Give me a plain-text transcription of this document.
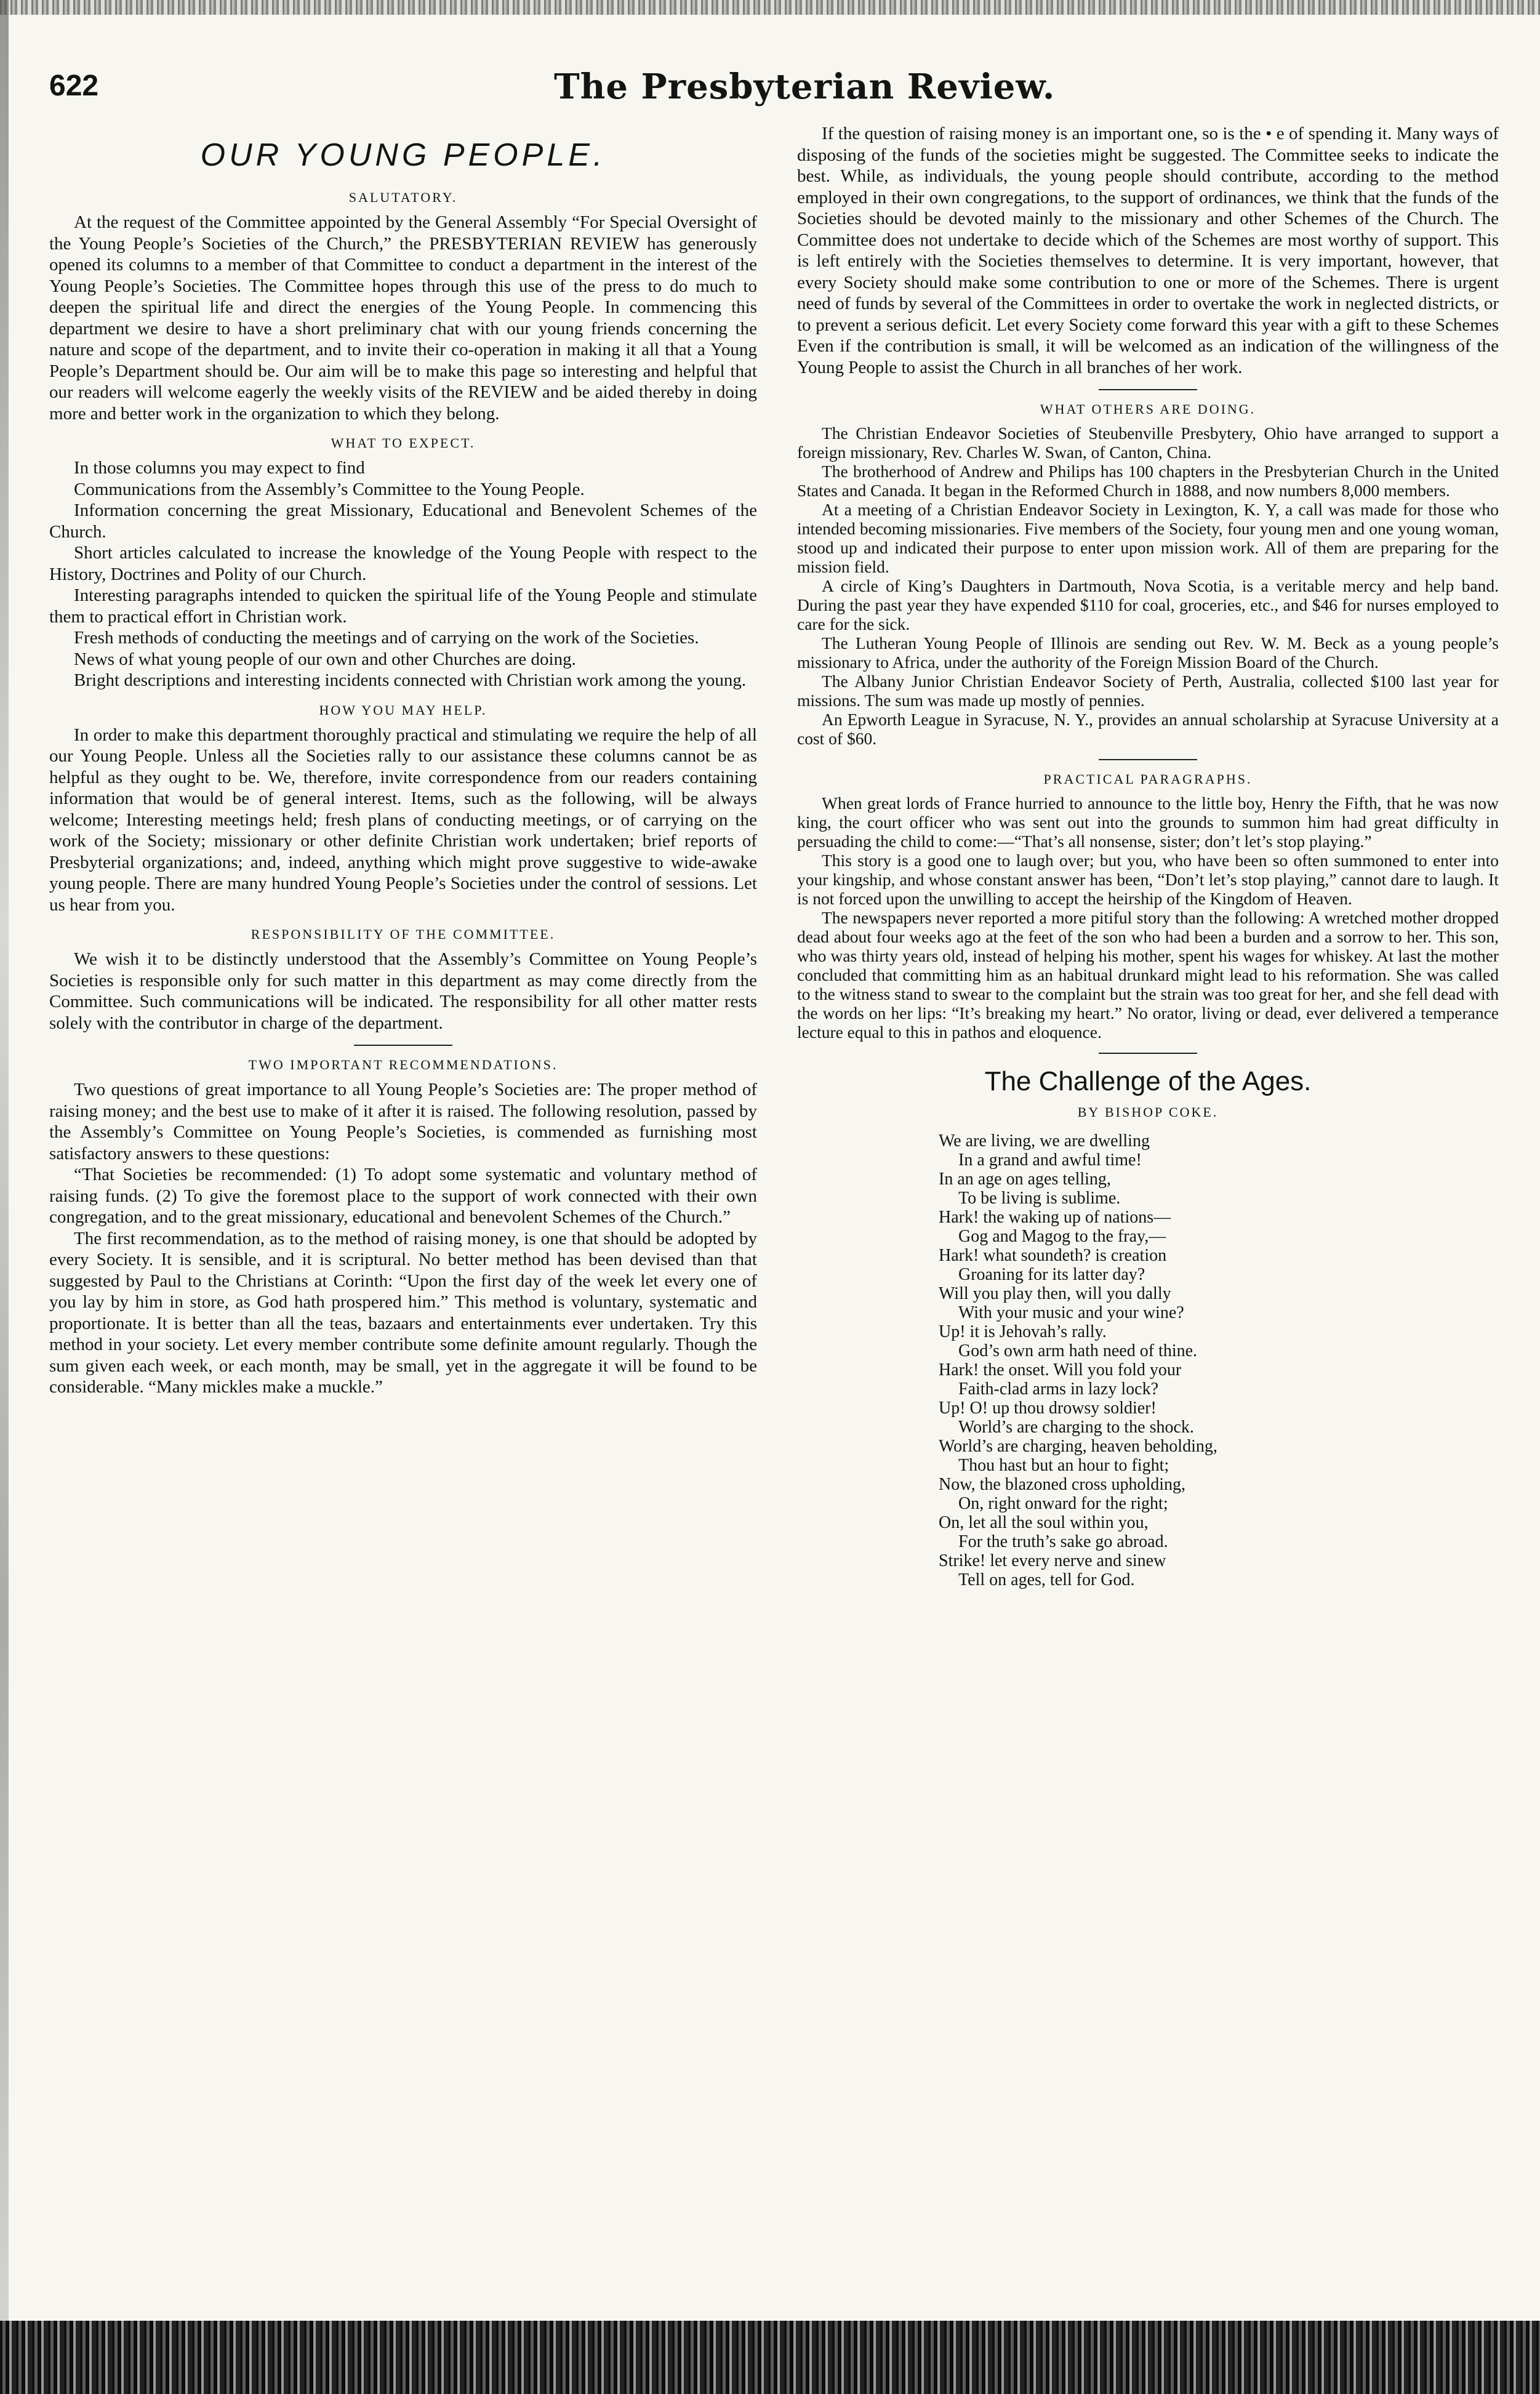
622	The Presbyterian Review.
OUR YOUNG PEOPLE.
SALUTATORY.

At the request of the Committee appointed by the General Assembly “For Special Oversight of the Young People’s Societies of the Church,” the PRESBYTERIAN REVIEW has generously opened its columns to a member of that Committee to conduct a department in the interest of the Young People’s Societies. The Committee hopes through this use of the press to do much to deepen the spiritual life and direct the energies of the Young People. In commencing this department we desire to have a short preliminary chat with our young friends concerning the nature and scope of the department, and to invite their co-operation in making it all that a Young People’s Department should be. Our aim will be to make this page so interesting and helpful that our readers will welcome eagerly the weekly visits of the REVIEW and be aided thereby in doing more and better work in the organization to which they belong.

WHAT TO EXPECT.

In those columns you may expect to find

Communications from the Assembly’s Committee to the Young People.

Information concerning the great Missionary, Educational and Benevolent Schemes of the Church.

Short articles calculated to increase the knowledge of the Young People with respect to the History, Doctrines and Polity of our Church.

Interesting paragraphs intended to quicken the spiritual life of the Young People and stimulate them to practical effort in Christian work.

Fresh methods of conducting the meetings and of carrying on the work of the Societies.

News of what young people of our own and other Churches are doing.

Bright descriptions and interesting incidents connected with Christian work among the young.

HOW YOU MAY HELP.

In order to make this department thoroughly practical and stimulating we require the help of all our Young People. Unless all the Societies rally to our assistance these columns cannot be as helpful as they ought to be. We, therefore, invite correspondence from our readers containing information that would be of general interest. Items, such as the following, will be always welcome; Interesting meetings held; fresh plans of conducting meetings, or of carrying on the work of the Society; missionary or other definite Christian work undertaken; brief reports of Presbyterial organizations; and, indeed, anything which might prove suggestive to wide-awake young people. There are many hundred Young People’s Societies under the control of sessions. Let us hear from you.

RESPONSIBILITY OF THE COMMITTEE.

We wish it to be distinctly understood that the Assembly’s Committee on Young People’s Societies is responsible only for such matter in this department as may come directly from the Committee. Such communications will be indicated. The responsibility for all other matter rests solely with the contributor in charge of the department.

TWO IMPORTANT RECOMMENDATIONS.

Two questions of great importance to all Young People’s Societies are: The proper method of raising money; and the best use to make of it after it is raised. The following resolution, passed by the Assembly’s Committee on Young People’s Societies, is commended as furnishing most satisfactory answers to these questions:

“That Societies be recommended: (1) To adopt some systematic and voluntary method of raising funds. (2) To give the foremost place to the support of work connected with their own congregation, and to the great missionary, educational and benevolent Schemes of the Church.”

The first recommendation, as to the method of raising money, is one that should be adopted by every Society. It is sensible, and it is scriptural. No better method has been devised than that suggested by Paul to the Christians at Corinth: “Upon the first day of the week let every one of you lay by him in store, as God hath prospered him.” This method is voluntary, systematic and proportionate. It is better than all the teas, bazaars and entertainments ever undertaken. Try this method in your society. Let every member contribute some definite amount regularly. Though the sum given each week, or each month, may be small, yet in the aggregate it will be found to be considerable. “Many mickles make a muckle.”

If the question of raising money is an important one, so is the • e of spending it. Many ways of disposing of the funds of the societies might be suggested. The Committee seeks to indicate the best. While, as individuals, the young people should contribute, according to the method employed in their own congregations, to the support of ordinances, we think that the funds of the Societies should be devoted mainly to the missionary and other Schemes of the Church. The Committee does not undertake to decide which of the Schemes are most worthy of support. This is left entirely with the Societies themselves to determine. It is very important, however, that every Society should make some contribution to one or more of the Schemes. There is urgent need of funds by several of the Committees in order to overtake the work in neglected districts, or to prevent a serious deficit. Let every Society come forward this year with a gift to these Schemes Even if the contribution is small, it will be welcomed as an indication of the willingness of the Young People to assist the Church in all branches of her work.

WHAT OTHERS ARE DOING.

The Christian Endeavor Societies of Steubenville Presbytery, Ohio have arranged to support a foreign missionary, Rev. Charles W. Swan, of Canton, China.

The brotherhood of Andrew and Philips has 100 chapters in the Presbyterian Church in the United States and Canada. It began in the Reformed Church in 1888, and now numbers 8,000 members.

At a meeting of a Christian Endeavor Society in Lexington, K. Y, a call was made for those who intended becoming missionaries. Five members of the Society, four young men and one young woman, stood up and indicated their purpose to enter upon mission work. All of them are preparing for the mission field.

A circle of King’s Daughters in Dartmouth, Nova Scotia, is a veritable mercy and help band. During the past year they have expended $110 for coal, groceries, etc., and $46 for nurses employed to care for the sick.

The Lutheran Young People of Illinois are sending out Rev. W. M. Beck as a young people’s missionary to Africa, under the authority of the Foreign Mission Board of the Church.

The Albany Junior Christian Endeavor Society of Perth, Australia, collected $100 last year for missions. The sum was made up mostly of pennies.

An Epworth League in Syracuse, N. Y., provides an annual scholarship at Syracuse University at a cost of $60.

PRACTICAL PARAGRAPHS.

When great lords of France hurried to announce to the little boy, Henry the Fifth, that he was now king, the court officer who was sent out into the grounds to summon him had great difficulty in persuading the child to come:—“That’s all nonsense, sister; don’t let’s stop playing.”

This story is a good one to laugh over; but you, who have been so often summoned to enter into your kingship, and whose constant answer has been, “Don’t let’s stop playing,” cannot dare to laugh. It is not forced upon the unwilling to accept the heirship of the Kingdom of Heaven.

The newspapers never reported a more pitiful story than the following: A wretched mother dropped dead about four weeks ago at the feet of the son who had been a burden and a sorrow to her. This son, who was thirty years old, instead of helping his mother, spent his wages for whiskey. At last the mother concluded that committing him as an habitual drunkard might lead to his reformation. She was called to the witness stand to swear to the complaint but the strain was too great for her, and she fell dead with the words on her lips: “It’s breaking my heart.” No orator, living or dead, ever delivered a temperance lecture equal to this in pathos and eloquence.

The Challenge of the Ages.
BY BISHOP COKE.
We are living, we are dwelling
In a grand and awful time!
In an age on ages telling,
To be living is sublime.
Hark! the waking up of nations—
Gog and Magog to the fray,—
Hark! what soundeth? is creation
Groaning for its latter day?
Will you play then, will you dally
With your music and your wine?
Up! it is Jehovah’s rally.
God’s own arm hath need of thine.
Hark! the onset. Will you fold your
Faith-clad arms in lazy lock?
Up! O! up thou drowsy soldier!
World’s are charging to the shock.
World’s are charging, heaven beholding,
Thou hast but an hour to fight;
Now, the blazoned cross upholding,
On, right onward for the right;
On, let all the soul within you,
For the truth’s sake go abroad.
Strike! let every nerve and sinew
Tell on ages, tell for God.
